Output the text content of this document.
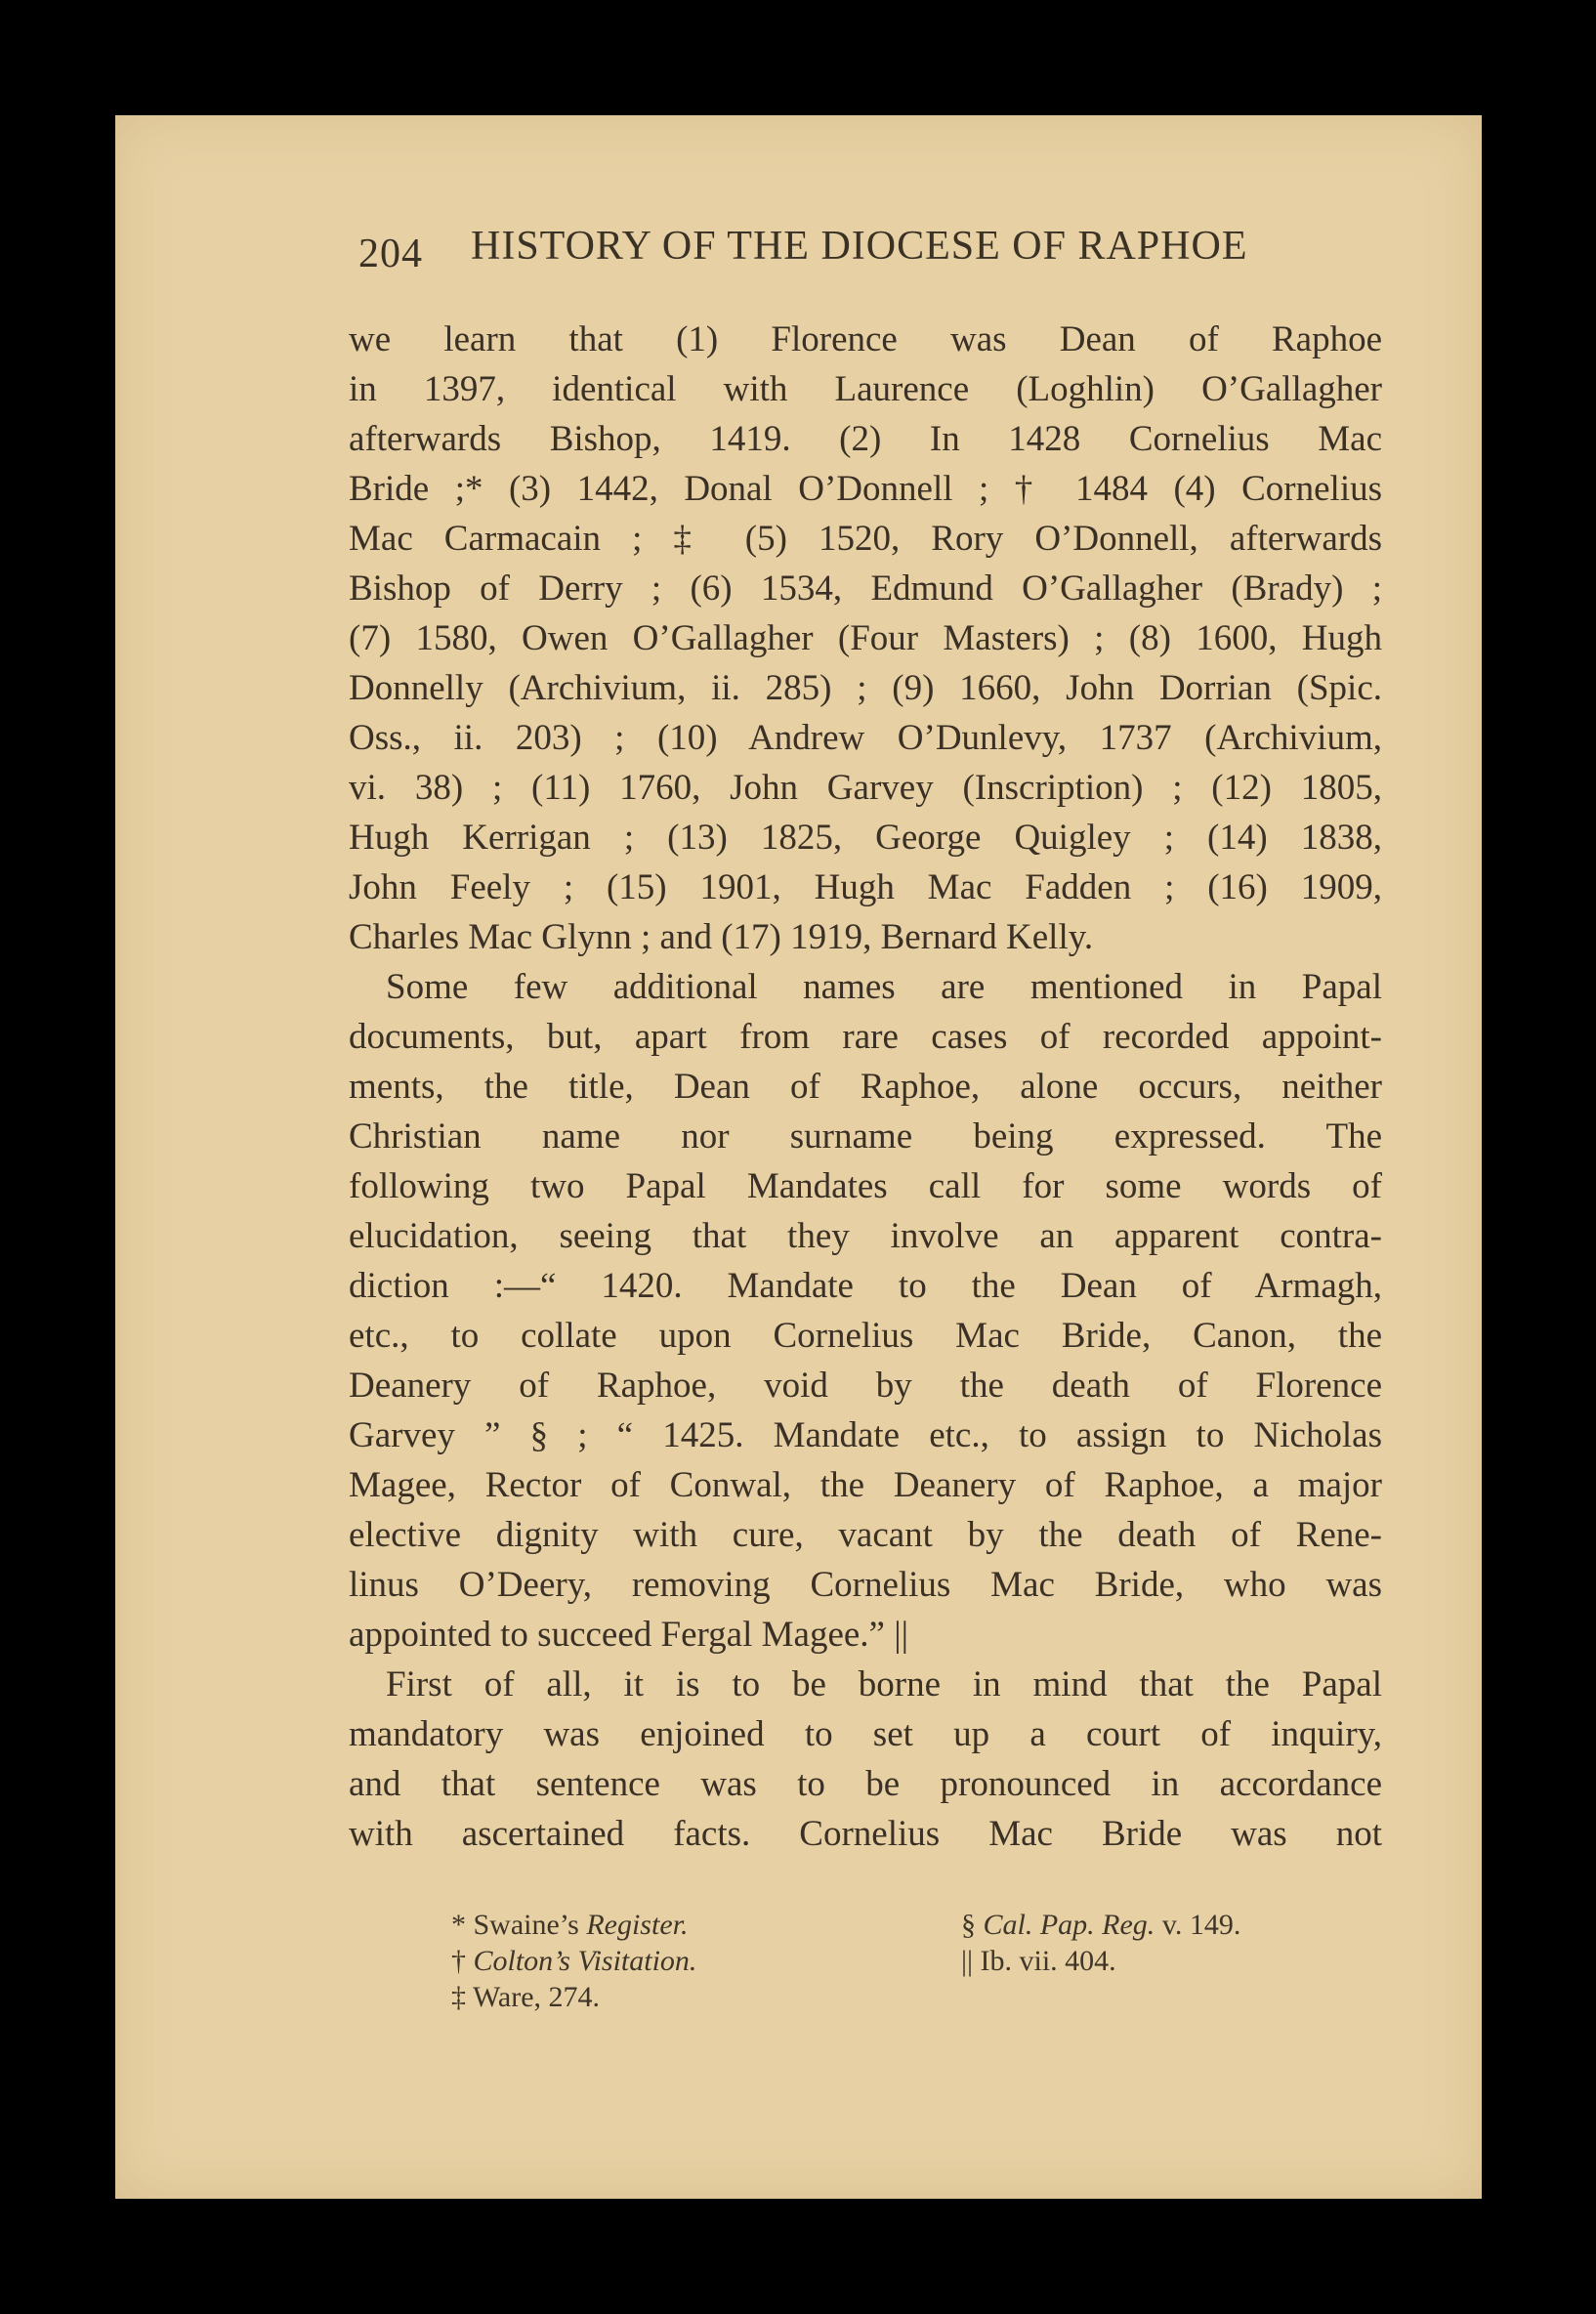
204 HISTORY OF THE DIOCESE OF RAPHOE
we learn that (1) Florence was Dean of Raphoe
in 1397, identical with Laurence (Loghlin) O’Gallagher
afterwards Bishop, 1419. (2) In 1428 Cornelius Mac
Bride ;* (3) 1442, Donal O’Donnell ; † 1484 (4) Cornelius
Mac Carmacain ; ‡ (5) 1520, Rory O’Donnell, afterwards
Bishop of Derry ; (6) 1534, Edmund O’Gallagher (Brady) ;
(7) 1580, Owen O’Gallagher (Four Masters) ; (8) 1600, Hugh
Donnelly (Archivium, ii. 285) ; (9) 1660, John Dorrian (Spic.
Oss., ii. 203) ; (10) Andrew O’Dunlevy, 1737 (Archivium,
vi. 38) ; (11) 1760, John Garvey (Inscription) ; (12) 1805,
Hugh Kerrigan ; (13) 1825, George Quigley ; (14) 1838,
John Feely ; (15) 1901, Hugh Mac Fadden ; (16) 1909,
Charles Mac Glynn ; and (17) 1919, Bernard Kelly.
Some few additional names are mentioned in Papal
documents, but, apart from rare cases of recorded appoint-
ments, the title, Dean of Raphoe, alone occurs, neither
Christian name nor surname being expressed. The
following two Papal Mandates call for some words of
elucidation, seeing that they involve an apparent contra-
diction :—“ 1420. Mandate to the Dean of Armagh,
etc., to collate upon Cornelius Mac Bride, Canon, the
Deanery of Raphoe, void by the death of Florence
Garvey ” § ; “ 1425. Mandate etc., to assign to Nicholas
Magee, Rector of Conwal, the Deanery of Raphoe, a major
elective dignity with cure, vacant by the death of Rene-
linus O’Deery, removing Cornelius Mac Bride, who was
appointed to succeed Fergal Magee.” ||
First of all, it is to be borne in mind that the Papal
mandatory was enjoined to set up a court of inquiry,
and that sentence was to be pronounced in accordance
with ascertained facts. Cornelius Mac Bride was not
* Swaine’s Register.
† Colton’s Visitation.
‡ Ware, 274.
§ Cal. Pap. Reg. v. 149.
|| Ib. vii. 404.
